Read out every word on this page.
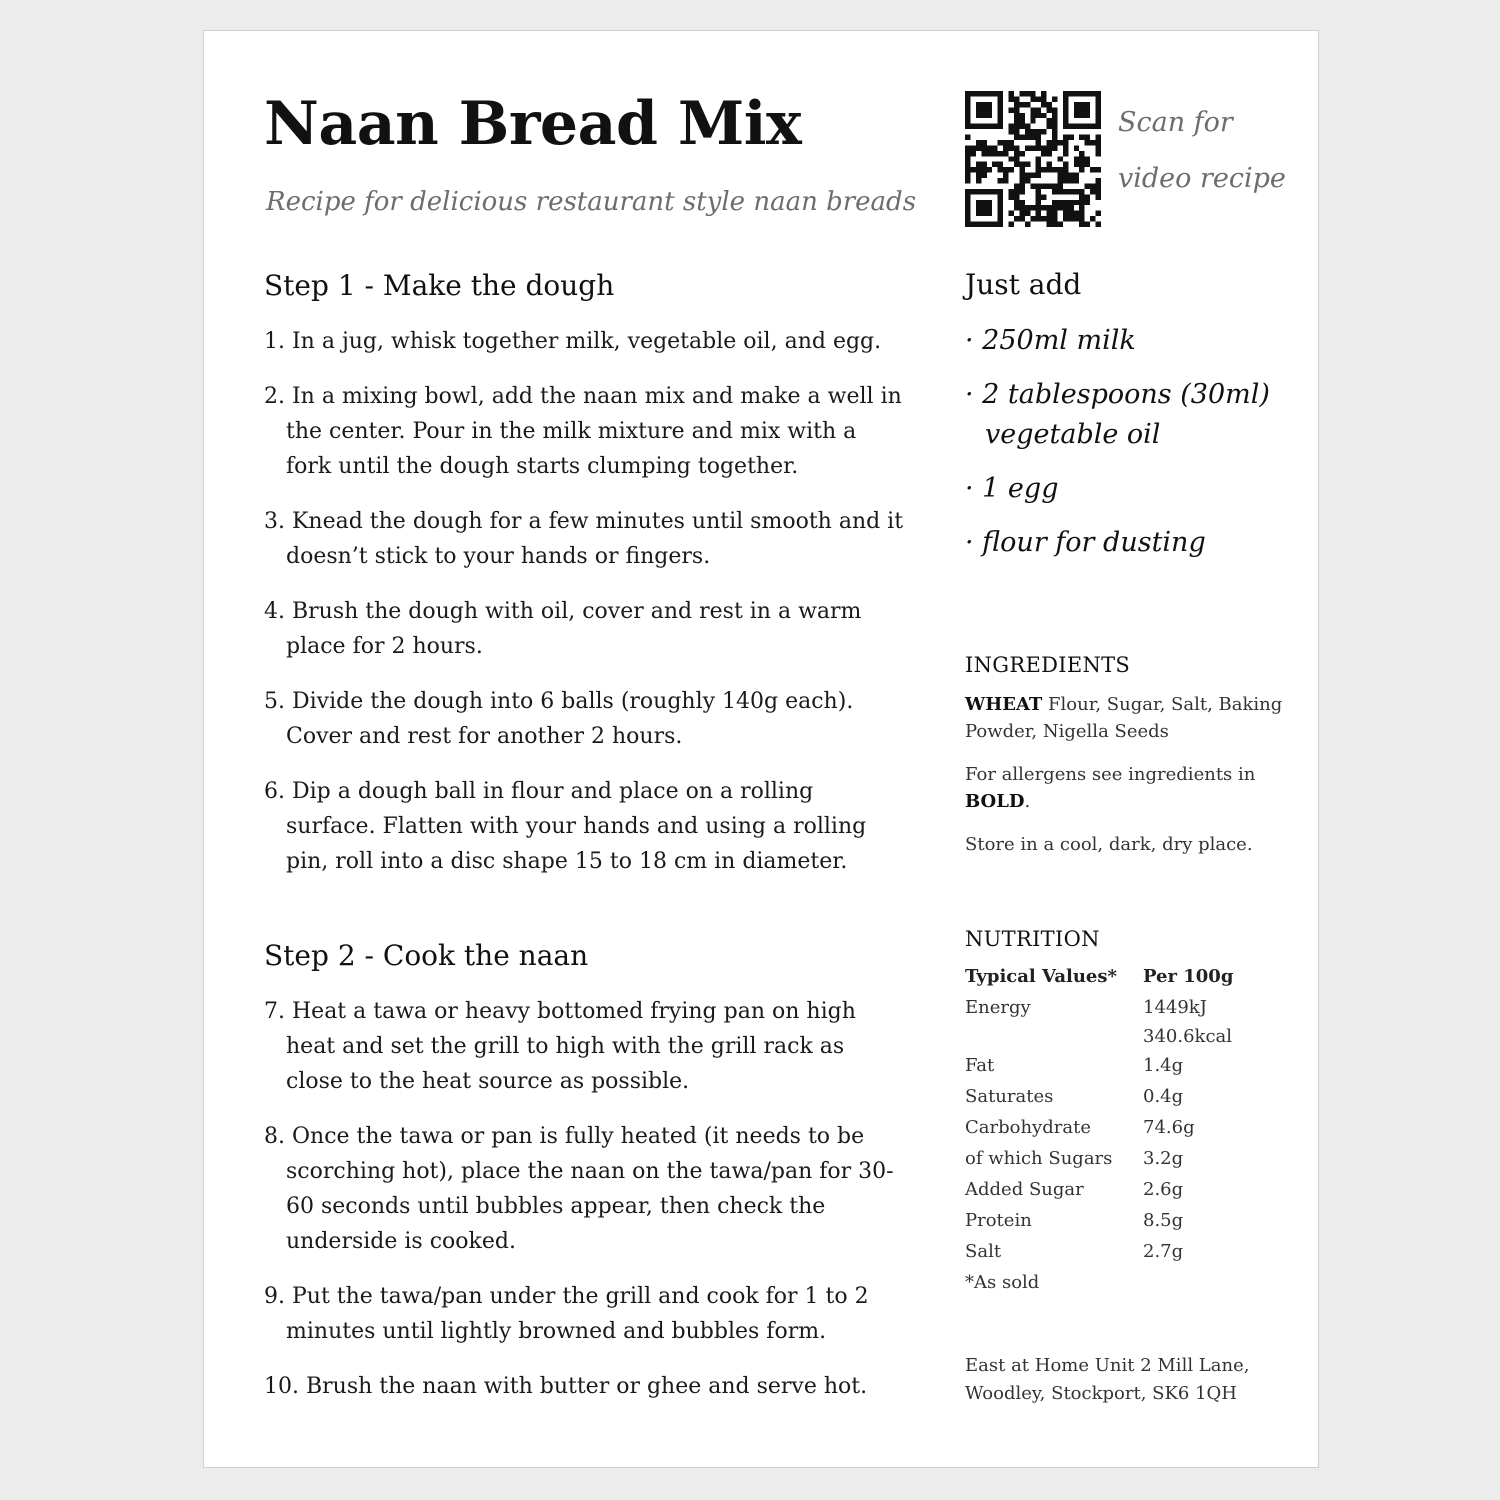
Naan Bread Mix

Recipe for delicious restaurant style naan breads

Scan for
video recipe
Step 1 - Make the dough
1. In a jug, whisk together milk, vegetable oil, and egg.
2. In a mixing bowl, add the naan mix and make a well in the center. Pour in the milk mixture and mix with a fork until the dough starts clumping together.
3. Knead the dough for a few minutes until smooth and it doesn’t stick to your hands or fingers.
4. Brush the dough with oil, cover and rest in a warm place for 2 hours.
5. Divide the dough into 6 balls (roughly 140g each). Cover and rest for another 2 hours.
6. Dip a dough ball in flour and place on a rolling surface. Flatten with your hands and using a rolling pin, roll into a disc shape 15 to 18 cm in diameter.
Step 2 - Cook the naan
7. Heat a tawa or heavy bottomed frying pan on high heat and set the grill to high with the grill rack as close to the heat source as possible.
8. Once the tawa or pan is fully heated (it needs to be scorching hot), place the naan on the tawa/pan for 30-60 seconds until bubbles appear, then check the underside is cooked.
9. Put the tawa/pan under the grill and cook for 1 to 2 minutes until lightly browned and bubbles form.
10. Brush the naan with butter or ghee and serve hot.
Just add
· 250ml milk
· 2 tablespoons (30ml) vegetable oil
· 1 egg
· flour for dusting
INGREDIENTS

WHEAT Flour, Sugar, Salt, Baking Powder, Nigella Seeds

For allergens see ingredients in BOLD.

Store in a cool, dark, dry place.

NUTRITION
Typical Values*	Per 100g
Energy	1449kJ
	340.6kcal
Fat	1.4g
Saturates	0.4g
Carbohydrate	74.6g
of which Sugars	3.2g
Added Sugar	2.6g
Protein	8.5g
Salt	2.7g

*As sold

East at Home Unit 2 Mill Lane,
Woodley, Stockport, SK6 1QH
